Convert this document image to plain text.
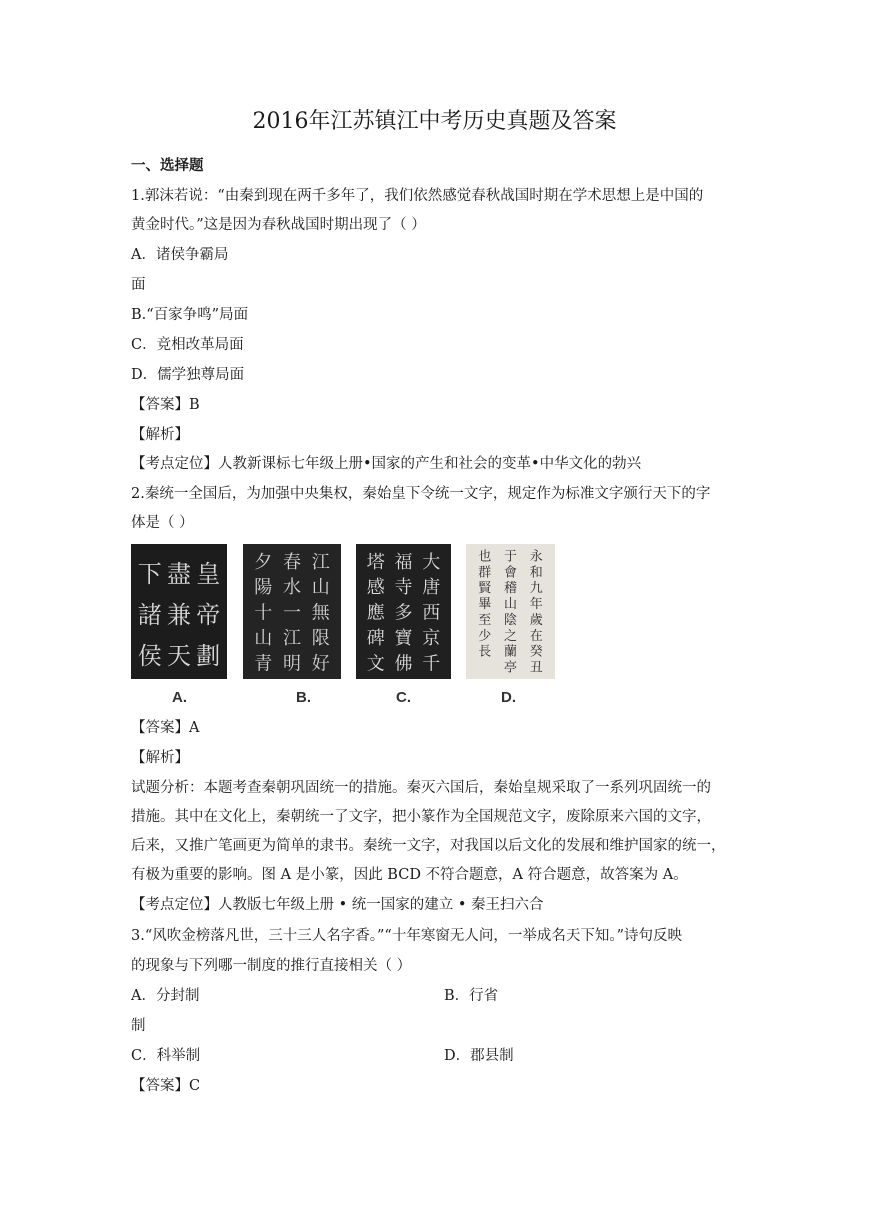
2016年江苏镇江中考历史真题及答案
一、选择题
1.郭沫若说：“由秦到现在两千多年了，我们依然感觉春秋战国时期在学术思想上是中国的
黄金时代。”这是因为春秋战国时期出现了（ ）
A．诸侯争霸局
面
B.“百家争鸣”局面
C．竞相改革局面
D．儒学独尊局面
【答案】B
【解析】
【考点定位】人教新课标七年级上册•国家的产生和社会的变革•中华文化的勃兴
2.秦统一全国后，为加强中央集权，秦始皇下令统一文字，规定作为标准文字颁行天下的字
体是（ ）
皇
帝
劃
盡
兼
天
下
諸
侯
江
山
無
限
好
春
水
一
江
明
夕
陽
十
山
青
大
唐
西
京
千
福
寺
多
寶
佛
塔
感
應
碑
文
永
和
九
年
歲
在
癸
丑
于
會
稽
山
陰
之
蘭
亭
也
群
賢
畢
至
少
長
A.	B.	C.	D.
【答案】A
【解析】
试题分析：本题考查秦朝巩固统一的措施。秦灭六国后，秦始皇规采取了一系列巩固统一的
措施。其中在文化上，秦朝统一了文字，把小篆作为全国规范文字，废除原来六国的文字，
后来，又推广笔画更为简单的隶书。秦统一文字，对我国以后文化的发展和维护国家的统一，
有极为重要的影响。图 A 是小篆，因此 BCD 不符合题意，A 符合题意，故答案为 A。
【考点定位】人教版七年级上册 • 统一国家的建立 • 秦王扫六合
3.“风吹金榜落凡世，三十三人名字香。”“十年寒窗无人问，一举成名天下知。”诗句反映
的现象与下列哪一制度的推行直接相关（ ）
A．分封制	B．行省
制
C．科举制	D．郡县制
【答案】C
